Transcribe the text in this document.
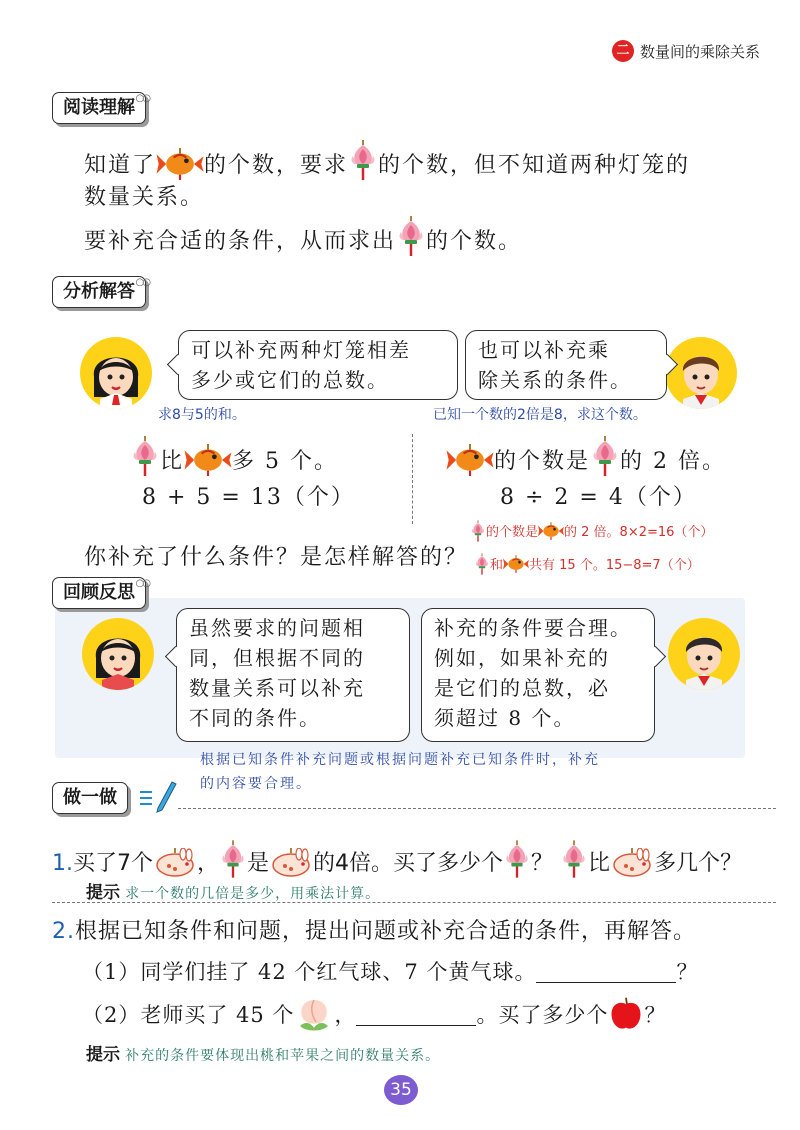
二 数量间的乘除关系
阅读理解 ○○
知道了 的个数，要求 的个数，但不知道两种灯笼的
数量关系。
要补充合适的条件，从而求出 的个数。
分析解答 ○○
可以补充两种灯笼相差
多少或它们的总数。
也可以补充乘
除关系的条件。
求8与5的和。	已知一个数的2倍是8，求这个数。
比 多 5 个。
8 + 5 = 13（个）
的个数是 的 2 倍。
8 ÷ 2 = 4（个）
你补充了什么条件？是怎样解答的？
的个数是 的 2 倍。8×2=16（个）
和 共有 15 个。15−8=7（个）
回顾反思 ○○
虽然要求的问题相
同，但根据不同的
数量关系可以补充
不同的条件。
补充的条件要合理。
例如，如果补充的
是它们的总数，必
须超过 8 个。
根据已知条件补充问题或根据问题补充已知条件时，补充
的内容要合理。
做一做
1.买了7个 ， 是 的4倍。买了多少个 ？ 比 多几个？
提示 求一个数的几倍是多少，用乘法计算。
2.根据已知条件和问题，提出问题或补充合适的条件，再解答。
（1）同学们挂了 42 个红气球、7 个黄气球。	？
（2）老师买了 45 个 ，	。买了多少个 ？
提示 补充的条件要体现出桃和苹果之间的数量关系。
35
